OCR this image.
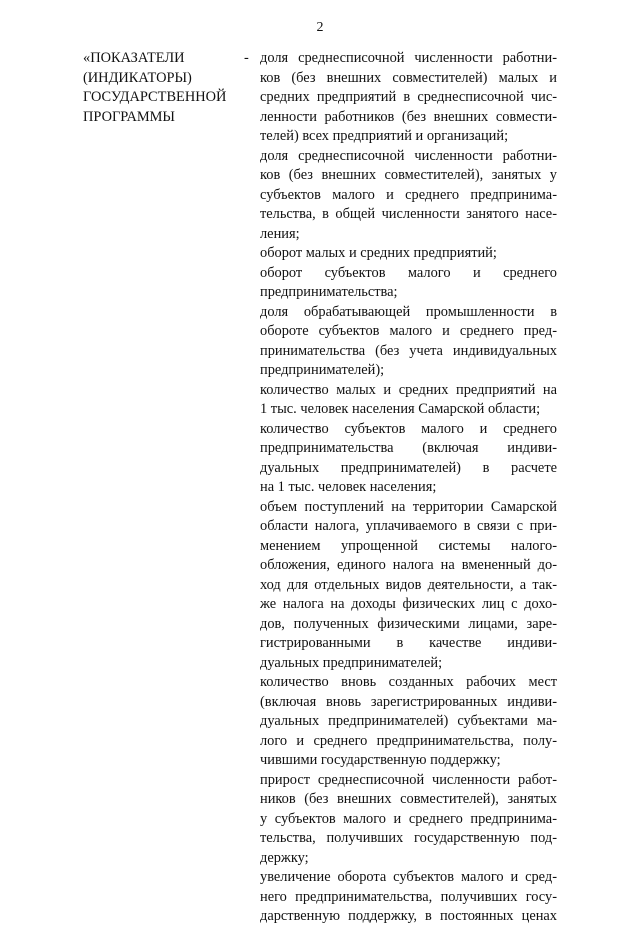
2
«ПОКАЗАТЕЛИ
(ИНДИКАТОРЫ)
ГОСУДАРСТВЕННОЙ
ПРОГРАММЫ
- доля среднесписочной численности работни-
ков (без внешних совместителей) малых и
средних предприятий в среднесписочной чис-
ленности работников (без внешних совмести-
телей) всех предприятий и организаций;
доля среднесписочной численности работни-
ков (без внешних совместителей), занятых у
субъектов малого и среднего предпринима-
тельства, в общей численности занятого насе-
ления;
оборот малых и средних предприятий;
оборот субъектов малого и среднего
предпринимательства;
доля обрабатывающей промышленности в
обороте субъектов малого и среднего пред-
принимательства (без учета индивидуальных
предпринимателей);
количество малых и средних предприятий на
1 тыс. человек населения Самарской области;
количество субъектов малого и среднего
предпринимательства (включая индиви-
дуальных предпринимателей) в расчете
на 1 тыс. человек населения;
объем поступлений на территории Самарской
области налога, уплачиваемого в связи с при-
менением упрощенной системы налого-
обложения, единого налога на вмененный до-
ход для отдельных видов деятельности, а так-
же налога на доходы физических лиц с дохо-
дов, полученных физическими лицами, заре-
гистрированными в качестве индиви-
дуальных предпринимателей;
количество вновь созданных рабочих мест
(включая вновь зарегистрированных индиви-
дуальных предпринимателей) субъектами ма-
лого и среднего предпринимательства, полу-
чившими государственную поддержку;
прирост среднесписочной численности работ-
ников (без внешних совместителей), занятых
у субъектов малого и среднего предпринима-
тельства, получивших государственную под-
держку;
увеличение оборота субъектов малого и сред-
него предпринимательства, получивших госу-
дарственную поддержку, в постоянных ценах
